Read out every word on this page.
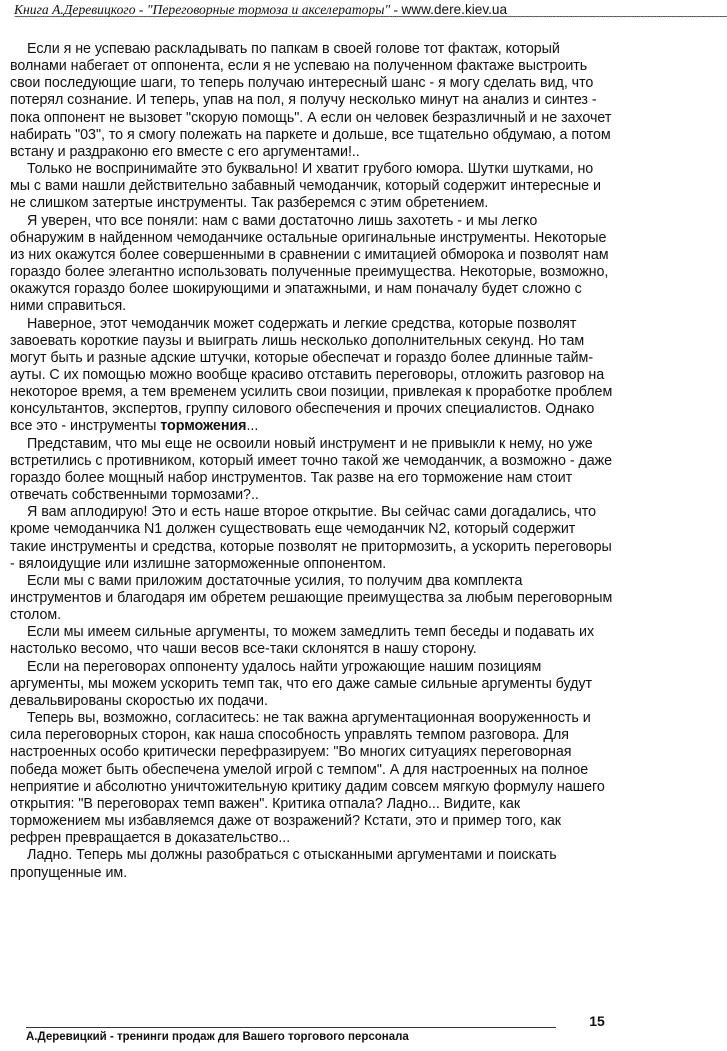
Книга А.Деревицкого - "Переговорные тормоза и акселераторы" - www.dere.kiev.ua
~~~~~~~~~~~~~~~~~~~~~~~~~~~~~~~~~~~~~~~~~~~~~~~~~~~~~~~~~~~~~~~~~~~~~~~~~~~~~~~~~~~~~~~~~~~~~~~~~~~~~~~~~~~~~~~~~~~~~~~~~~~~~~~~~~~~~~~~~~~~~~~~~~~~~~~~~~~~~~~~~~

Если я не успеваю раскладывать по папкам в своей голове тот фактаж, который волнами набегает от оппонента, если я не успеваю на полученном фактаже выстроить свои последующие шаги, то теперь получаю интересный шанс - я могу сделать вид, что потерял сознание. И теперь, упав на пол, я получу несколько минут на анализ и синтез - пока оппонент не вызовет "скорую помощь". А если он человек безразличный и не захочет набирать "03", то я смогу полежать на паркете и дольше, все тщательно обдумаю, а потом встану и раздраконю его вместе с его аргументами!..

Только не воспринимайте это буквально! И хватит грубого юмора. Шутки шутками, но мы с вами нашли действительно забавный чемоданчик, который содержит интересные и не слишком затертые инструменты. Так разберемся с этим обретением.

Я уверен, что все поняли: нам с вами достаточно лишь захотеть - и мы легко обнаружим в найденном чемоданчике остальные оригинальные инструменты. Некоторые из них окажутся более совершенными в сравнении с имитацией обморока и позволят нам гораздо более элегантно использовать полученные преимущества. Некоторые, возможно, окажутся гораздо более шокирующими и эпатажными, и нам поначалу будет сложно с ними справиться.

Наверное, этот чемоданчик может содержать и легкие средства, которые позволят завоевать короткие паузы и выиграть лишь несколько дополнительных секунд. Но там могут быть и разные адские штучки, которые обеспечат и гораздо более длинные тайм-ауты. С их помощью можно вообще красиво отставить переговоры, отложить разговор на некоторое время, а тем временем усилить свои позиции, привлекая к проработке проблем консультантов, экспертов, группу силового обеспечения и прочих специалистов. Однако все это - инструменты торможения...

Представим, что мы еще не освоили новый инструмент и не привыкли к нему, но уже встретились с противником, который имеет точно такой же чемоданчик, а возможно - даже гораздо более мощный набор инструментов. Так разве на его торможение нам стоит отвечать собственными тормозами?..

Я вам аплодирую! Это и есть наше второе открытие. Вы сейчас сами догадались, что кроме чемоданчика N1 должен существовать еще чемоданчик N2, который содержит такие инструменты и средства, которые позволят не притормозить, а ускорить переговоры - вялоидущие или излишне заторможенные оппонентом.

Если мы с вами приложим достаточные усилия, то получим два комплекта инструментов и благодаря им обретем решающие преимущества за любым переговорным столом.

Если мы имеем сильные аргументы, то можем замедлить темп беседы и подавать их настолько весомо, что чаши весов все-таки склонятся в нашу сторону.

Если на переговорах оппоненту удалось найти угрожающие нашим позициям аргументы, мы можем ускорить темп так, что его даже самые сильные аргументы будут девальвированы скоростью их подачи.

Теперь вы, возможно, согласитесь: не так важна аргументационная вооруженность и сила переговорных сторон, как наша способность управлять темпом разговора. Для настроенных особо критически перефразируем: "Во многих ситуациях переговорная победа может быть обеспечена умелой игрой с темпом". А для настроенных на полное неприятие и абсолютно уничтожительную критику дадим совсем мягкую формулу нашего открытия: "В переговорах темп важен". Критика отпала? Ладно... Видите, как торможением мы избавляемся даже от возражений? Кстати, это и пример того, как рефрен превращается в доказательство...

Ладно. Теперь мы должны разобраться с отысканными аргументами и поискать пропущенные им.

15
А.Деревицкий - тренинги продаж для Вашего торгового персонала
